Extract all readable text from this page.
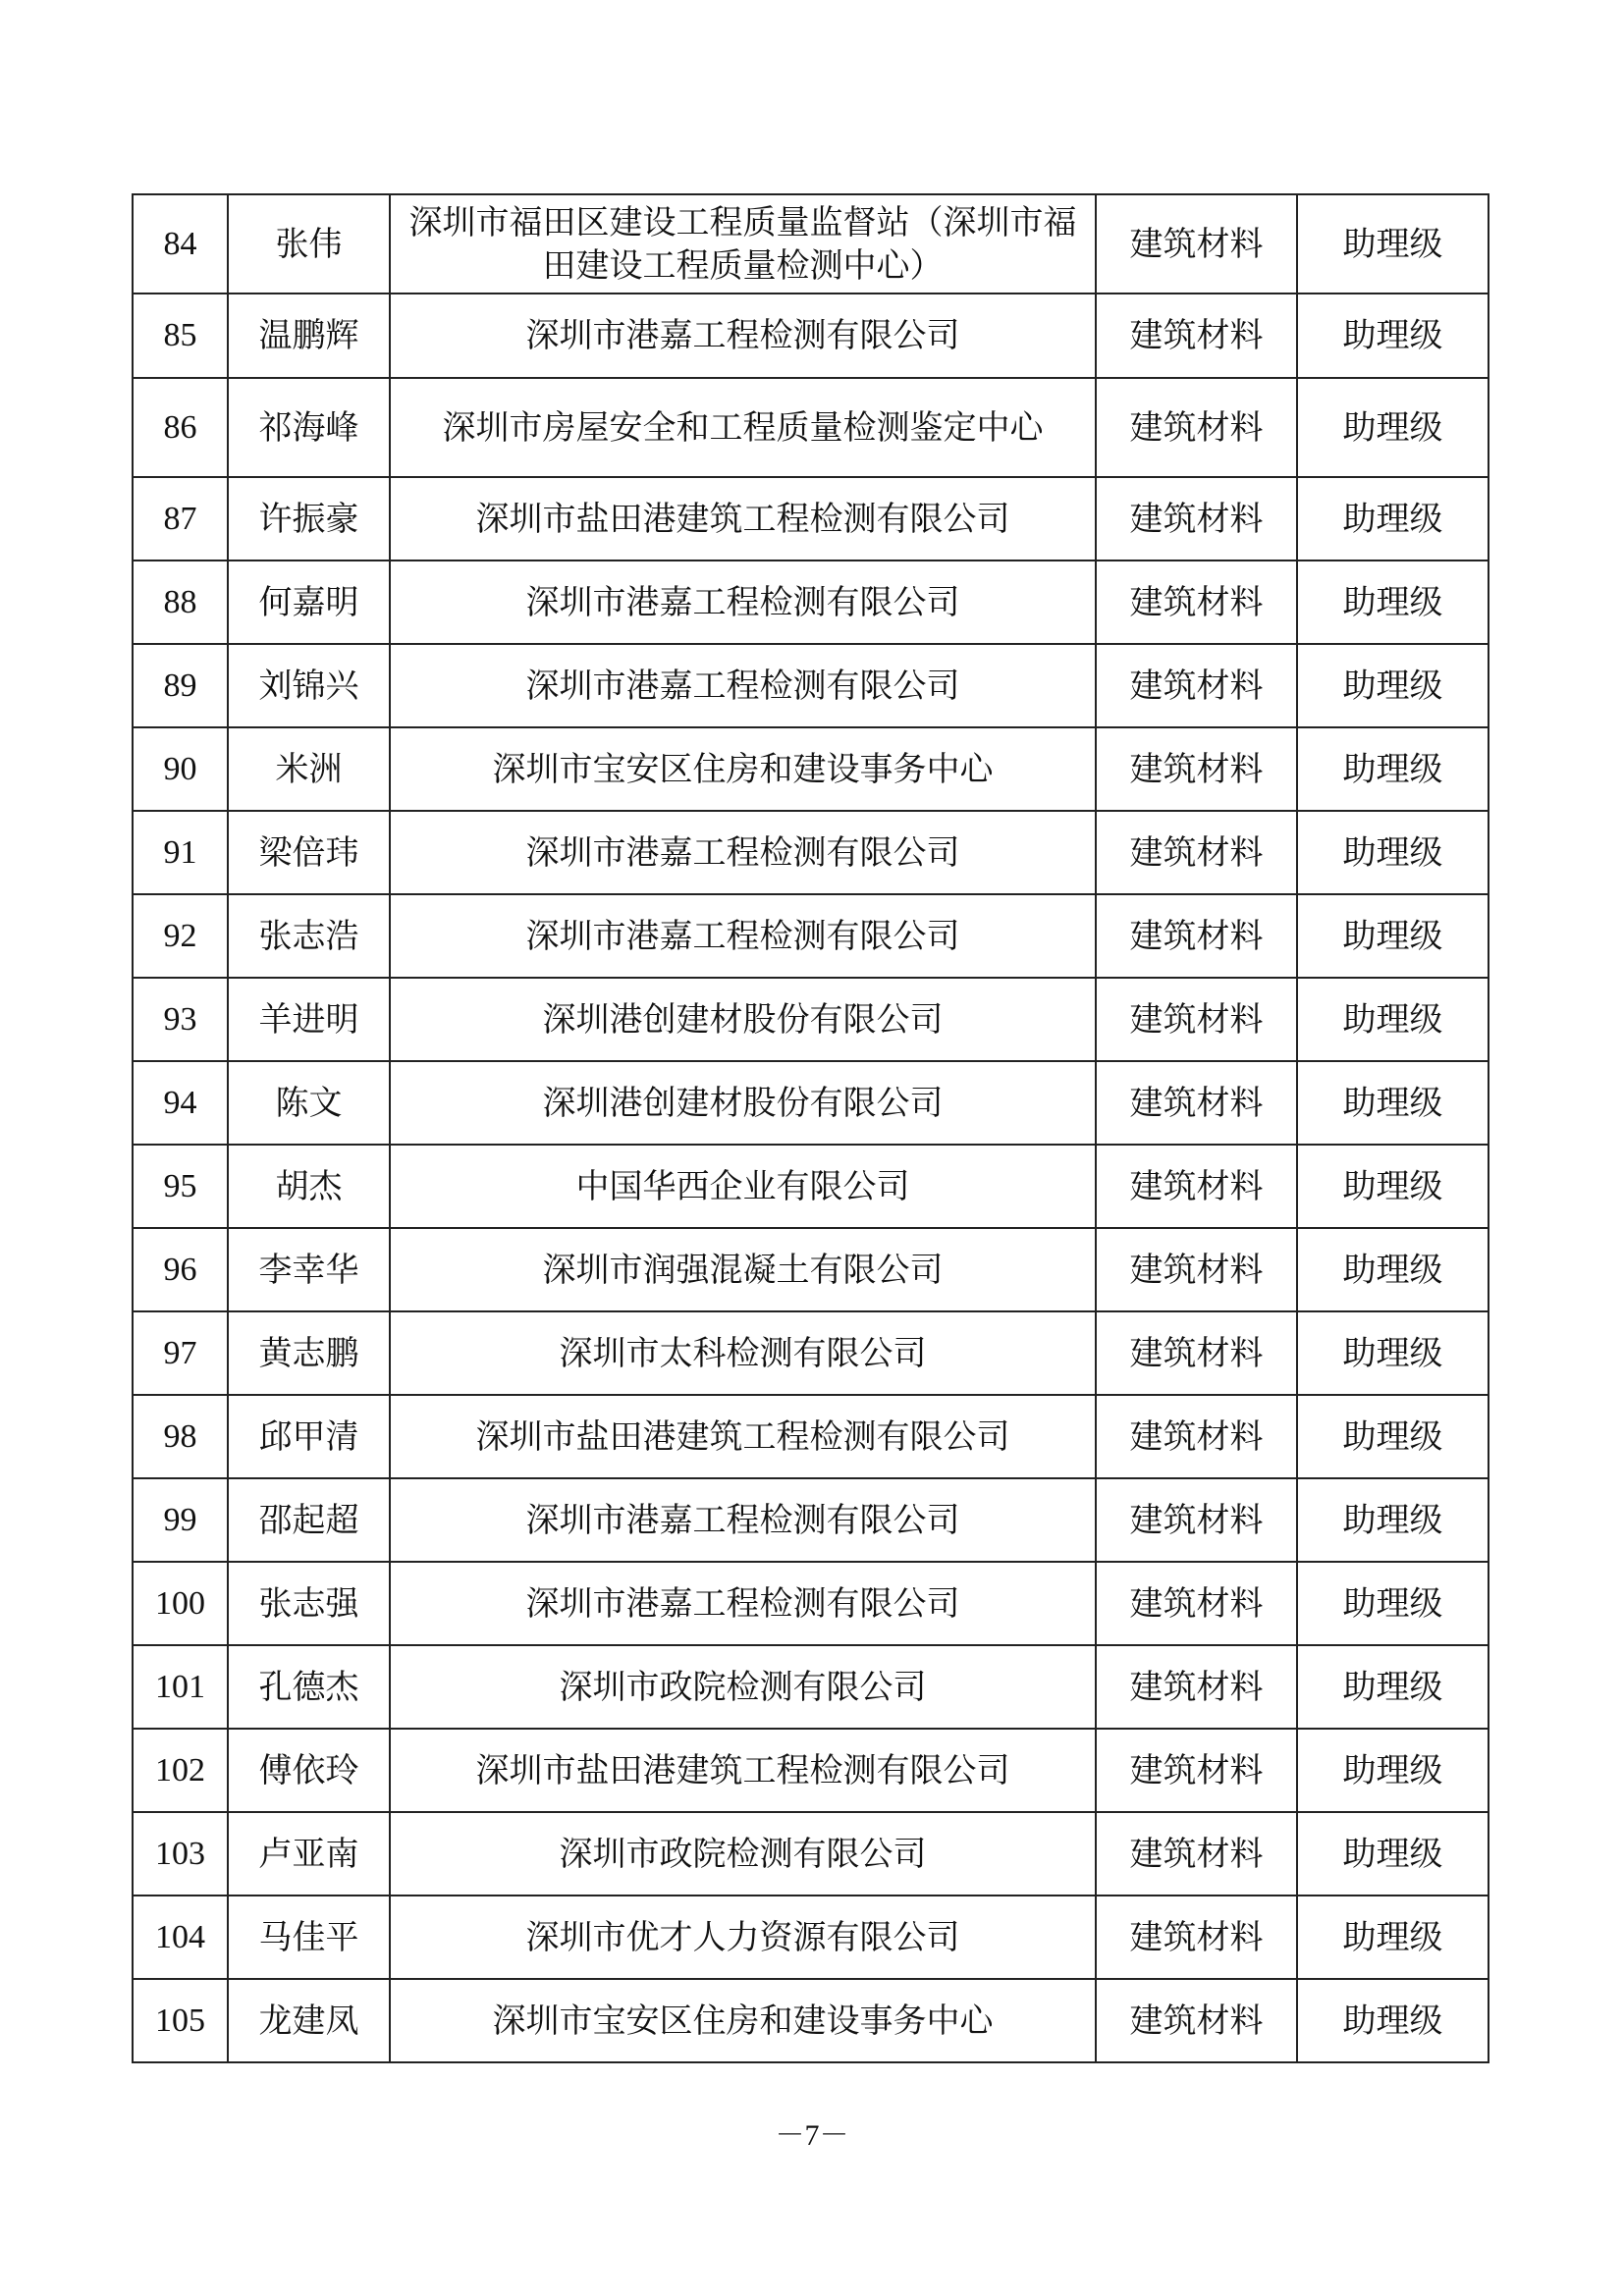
84	张伟	深圳市福田区建设工程质量监督站（深圳市福田建设工程质量检测中心）	建筑材料	助理级
85	温鹏辉	深圳市港嘉工程检测有限公司	建筑材料	助理级
86	祁海峰	深圳市房屋安全和工程质量检测鉴定中心	建筑材料	助理级
87	许振豪	深圳市盐田港建筑工程检测有限公司	建筑材料	助理级
88	何嘉明	深圳市港嘉工程检测有限公司	建筑材料	助理级
89	刘锦兴	深圳市港嘉工程检测有限公司	建筑材料	助理级
90	米洲	深圳市宝安区住房和建设事务中心	建筑材料	助理级
91	梁倍玮	深圳市港嘉工程检测有限公司	建筑材料	助理级
92	张志浩	深圳市港嘉工程检测有限公司	建筑材料	助理级
93	羊进明	深圳港创建材股份有限公司	建筑材料	助理级
94	陈文	深圳港创建材股份有限公司	建筑材料	助理级
95	胡杰	中国华西企业有限公司	建筑材料	助理级
96	李幸华	深圳市润强混凝土有限公司	建筑材料	助理级
97	黄志鹏	深圳市太科检测有限公司	建筑材料	助理级
98	邱甲清	深圳市盐田港建筑工程检测有限公司	建筑材料	助理级
99	邵起超	深圳市港嘉工程检测有限公司	建筑材料	助理级
100	张志强	深圳市港嘉工程检测有限公司	建筑材料	助理级
101	孔德杰	深圳市政院检测有限公司	建筑材料	助理级
102	傅依玲	深圳市盐田港建筑工程检测有限公司	建筑材料	助理级
103	卢亚南	深圳市政院检测有限公司	建筑材料	助理级
104	马佳平	深圳市优才人力资源有限公司	建筑材料	助理级
105	龙建凤	深圳市宝安区住房和建设事务中心	建筑材料	助理级
－7－
